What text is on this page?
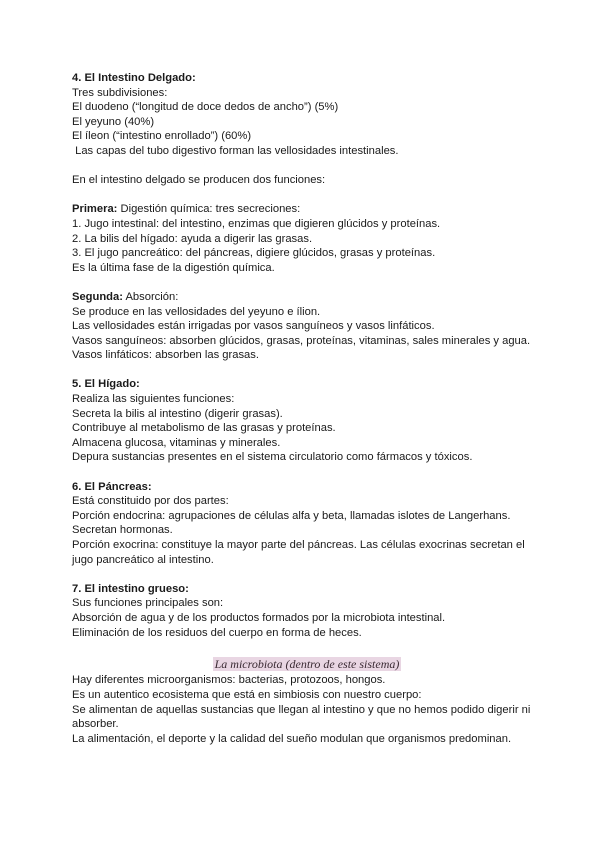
4. El Intestino Delgado:
Tres subdivisiones:
El duodeno (“longitud de doce dedos de ancho”) (5%)
El yeyuno (40%)
El íleon (“intestino enrollado”) (60%)
Las capas del tubo digestivo forman las vellosidades intestinales.
En el intestino delgado se producen dos funciones:
Primera: Digestión química: tres secreciones:
1. Jugo intestinal: del intestino, enzimas que digieren glúcidos y proteínas.
2. La bilis del hígado: ayuda a digerir las grasas.
3. El jugo pancreático: del páncreas, digiere glúcidos, grasas y proteínas.
Es la última fase de la digestión química.
Segunda: Absorción:
Se produce en las vellosidades del yeyuno e ílion.
Las vellosidades están irrigadas por vasos sanguíneos y vasos linfáticos.
Vasos sanguíneos: absorben glúcidos, grasas, proteínas, vitaminas, sales minerales y agua.
Vasos linfáticos: absorben las grasas.
5. El Hígado:
Realiza las siguientes funciones:
Secreta la bilis al intestino (digerir grasas).
Contribuye al metabolismo de las grasas y proteínas.
Almacena glucosa, vitaminas y minerales.
Depura sustancias presentes en el sistema circulatorio como fármacos y tóxicos.
6. El Páncreas:
Está constituido por dos partes:
Porción endocrina: agrupaciones de células alfa y beta, llamadas islotes de Langerhans.
Secretan hormonas.
Porción exocrina: constituye la mayor parte del páncreas. Las células exocrinas secretan el jugo pancreático al intestino.
7. El intestino grueso:
Sus funciones principales son:
Absorción de agua y de los productos formados por la microbiota intestinal.
Eliminación de los residuos del cuerpo en forma de heces.
La microbiota (dentro de este sistema)
Hay diferentes microorganismos: bacterias, protozoos, hongos.
Es un autentico ecosistema que está en simbiosis con nuestro cuerpo:
Se alimentan de aquellas sustancias que llegan al intestino y que no hemos podido digerir ni absorber.
La alimentación, el deporte y la calidad del sueño modulan que organismos predominan.
